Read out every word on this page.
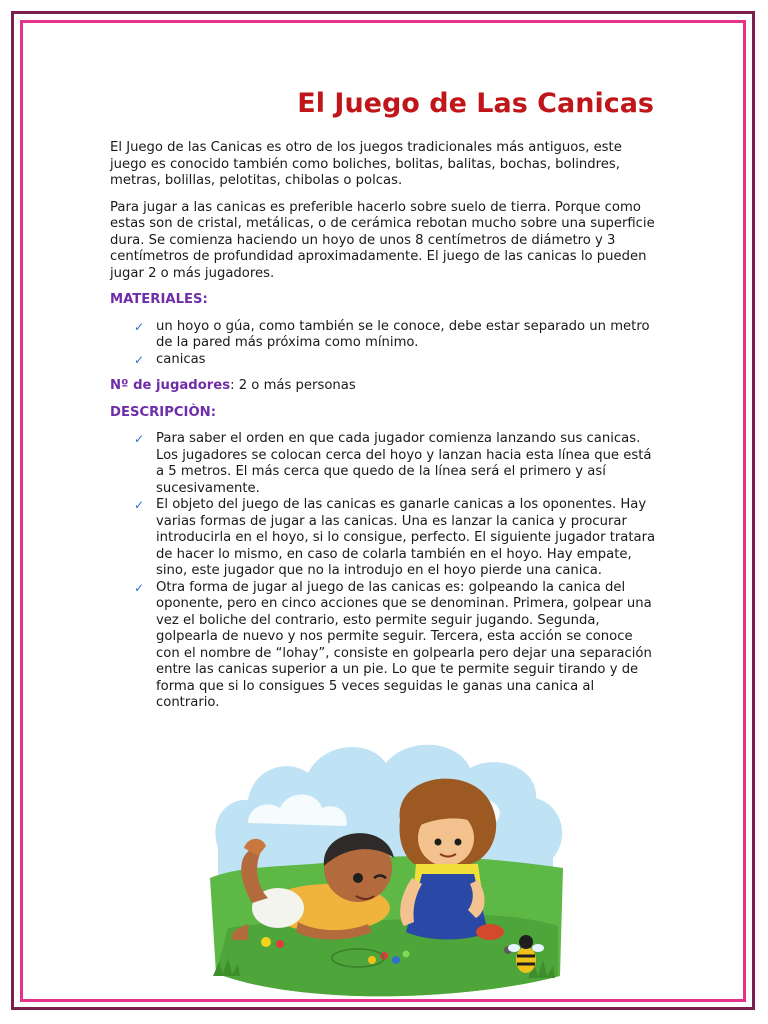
El Juego de Las Canicas

El Juego de las Canicas es otro de los juegos tradicionales más antiguos, este juego es conocido también como boliches, bolitas, balitas, bochas, bolindres, metras, bolillas, pelotitas, chibolas o polcas.

Para jugar a las canicas es preferible hacerlo sobre suelo de tierra. Porque como estas son de cristal, metálicas, o de cerámica rebotan mucho sobre una superficie dura. Se comienza haciendo un hoyo de unos 8 centímetros de diámetro y 3 centímetros de profundidad aproximadamente. El juego de las canicas lo pueden jugar 2 o más jugadores.

MATERIALES:
✓ un hoyo o gúa, como también se le conoce, debe estar separado un metro de la pared más próxima como mínimo.
✓ canicas
Nº de jugadores: 2 o más personas
DESCRIPCIÒN:
✓ Para saber el orden en que cada jugador comienza lanzando sus canicas. Los jugadores se colocan cerca del hoyo y lanzan hacia esta línea que está a 5 metros. El más cerca que quedo de la línea será el primero y así sucesivamente.
✓ El objeto del juego de las canicas es ganarle canicas a los oponentes. Hay varias formas de jugar a las canicas. Una es lanzar la canica y procurar introducirla en el hoyo, si lo consigue, perfecto. El siguiente jugador tratara de hacer lo mismo, en caso de colarla también en el hoyo. Hay empate, sino, este jugador que no la introdujo en el hoyo pierde una canica.
✓ Otra forma de jugar al juego de las canicas es: golpeando la canica del oponente, pero en cinco acciones que se denominan. Primera, golpear una vez el boliche del contrario, esto permite seguir jugando. Segunda, golpearla de nuevo y nos permite seguir. Tercera, esta acción se conoce con el nombre de “lohay”, consiste en golpearla pero dejar una separación entre las canicas superior a un pie. Lo que te permite seguir tirando y de forma que si lo consigues 5 veces seguidas le ganas una canica al contrario.
